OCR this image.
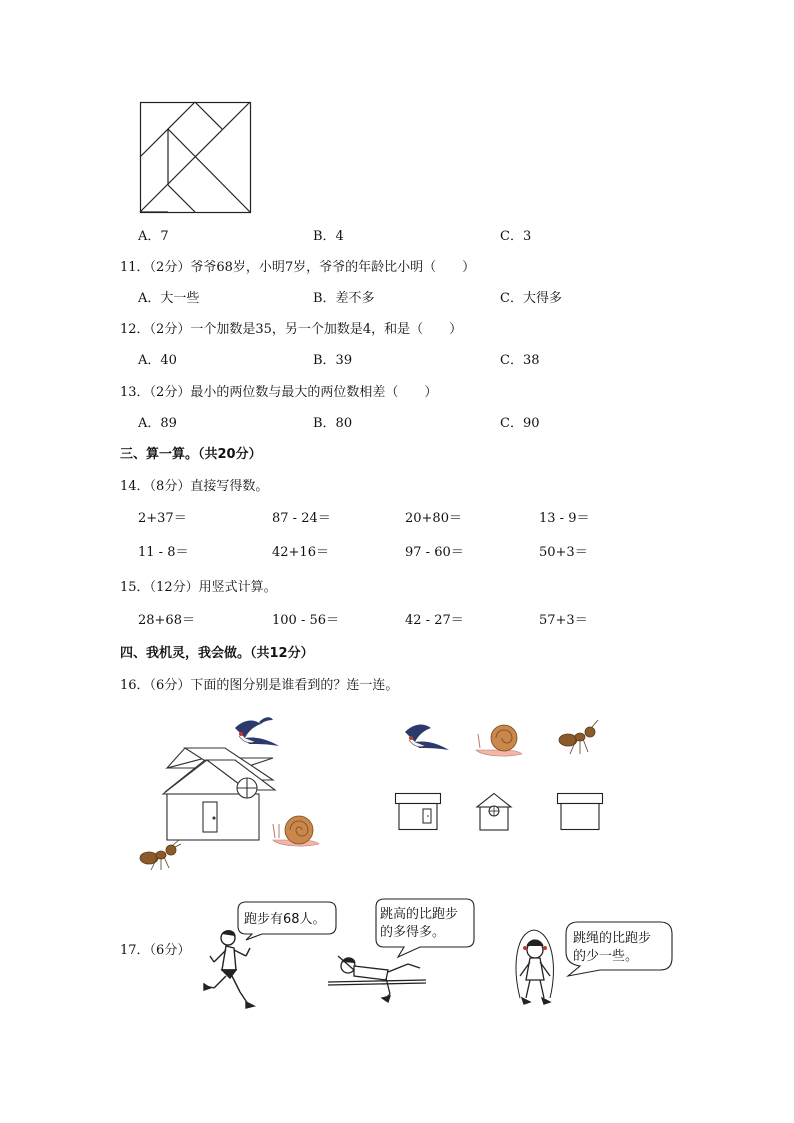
A．7	B．4	C．3
11．（2分）爷爷68岁，小明7岁，爷爷的年龄比小明（　　）
A．大一些	B．差不多	C．大得多
12．（2分）一个加数是35，另一个加数是4，和是（　　）
A．40	B．39	C．38
13．（2分）最小的两位数与最大的两位数相差（　　）
A．89	B．80	C．90
三、算一算。（共20分）
14．（8分）直接写得数。
2+37＝	87 - 24＝	20+80＝	13 - 9＝
11 - 8＝	42+16＝	97 - 60＝	50+3＝
15．（12分）用竖式计算。
28+68＝	100 - 56＝	42 - 27＝	57+3＝
四、我机灵，我会做。（共12分）
16．（6分）下面的图分别是谁看到的？连一连。
17．（6分）
跑步有68人。	跳高的比跑步
的多得多。	跳绳的比跑步
的少一些。
